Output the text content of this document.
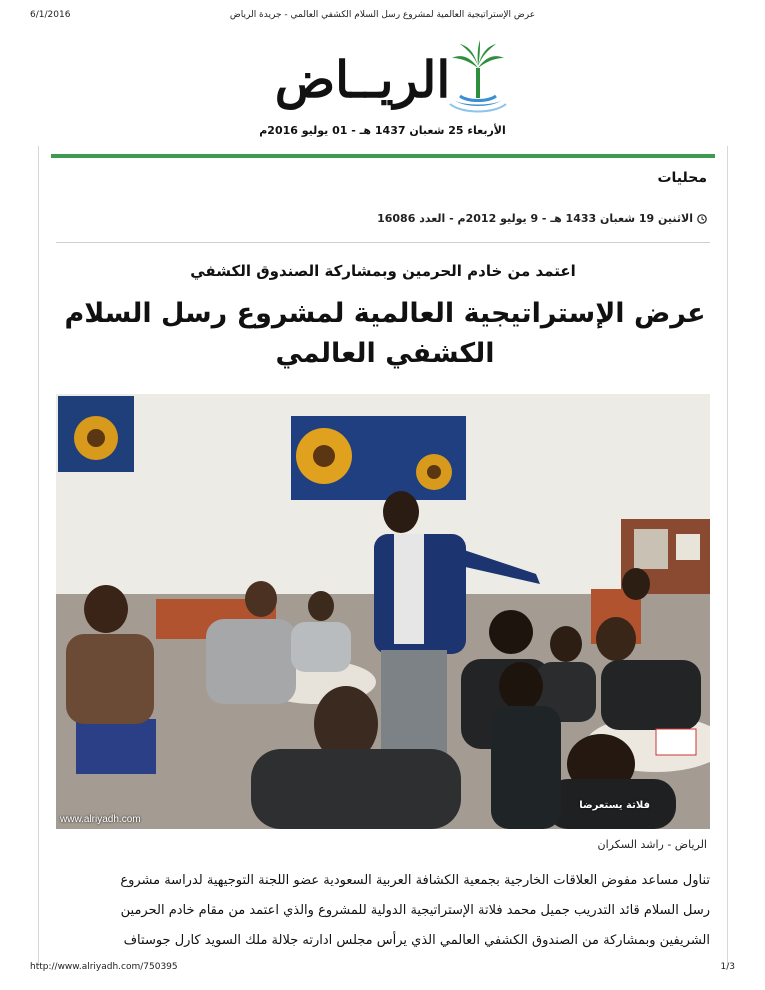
6/1/2016	عرض الإستراتيجية العالمية لمشروع رسل السلام الكشفي العالمي - جريدة الرياض
الريــاض
الأربعاء 25 شعبان 1437 هـ - 01 يوليو 2016م
محليات
الاثنين 19 شعبان 1433 هـ - 9 يوليو 2012م - العدد 16086
اعتمد من خادم الحرمين وبمشاركة الصندوق الكشفي
عرض الإستراتيجية العالمية لمشروع رسل السلام الكشفي العالمي
www.alriyadh.com
فلاتة يستعرضا
الرياض - راشد السكران

تناول مساعد مفوض العلاقات الخارجية بجمعية الكشافة العربية السعودية عضو اللجنة التوجيهية لدراسة مشروع

رسل السلام قائد التدريب جميل محمد فلاتة الإستراتيجية الدولية للمشروع والذي اعتمد من مقام خادم الحرمين

الشريفين وبمشاركة من الصندوق الكشفي العالمي الذي يرأس مجلس ادارته جلالة ملك السويد كارل جوستاف

http://www.alriyadh.com/750395	1/3
